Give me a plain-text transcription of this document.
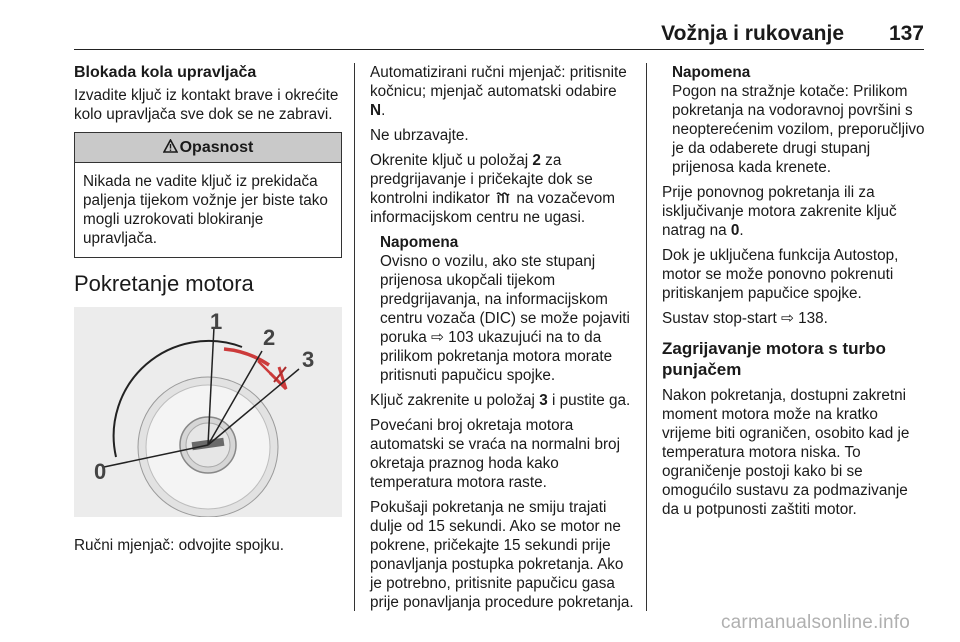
Vožnja i rukovanje 137
Blokada kola upravljača

Izvadite ključ iz kontakt brave i okrećite kolo upravljača sve dok se ne zabravi.

Opasnost
Nikada ne vadite ključ iz prekidača paljenja tijekom vožnje jer biste tako mogli uzrokovati blokiranje upravljača.
Pokretanje motora
1
2
3
0

Ručni mjenjač: odvojite spojku.

Automatizirani ručni mjenjač: pritisnite kočnicu; mjenjač automatski odabire N.

Ne ubrzavajte.

Okrenite ključ u položaj 2 za predgrijavanje i pričekajte dok se kontrolni indikator  na vozačevom informacijskom centru ne ugasi.

Napomena
Ovisno o vozilu, ako ste stupanj prijenosa ukopčali tijekom predgrijavanja, na informacijskom centru vozača (DIC) se može pojaviti poruka ⇨ 103 ukazujući na to da prilikom pokretanja motora morate pritisnuti papučicu spojke.

Ključ zakrenite u položaj 3 i pustite ga.

Povećani broj okretaja motora automatski se vraća na normalni broj okretaja praznog hoda kako temperatura motora raste.

Pokušaji pokretanja ne smiju trajati dulje od 15 sekundi. Ako se motor ne pokrene, pričekajte 15 sekundi prije ponavljanja postupka pokretanja. Ako je potrebno, pritisnite papučicu gasa prije ponavljanja procedure pokretanja.

Napomena
Pogon na stražnje kotače: Prilikom pokretanja na vodoravnoj površini s neopterećenim vozilom, preporučljivo je da odaberete drugi stupanj prijenosa kada krenete.

Prije ponovnog pokretanja ili za isključivanje motora zakrenite ključ natrag na 0.

Dok je uključena funkcija Autostop, motor se može ponovno pokrenuti pritiskanjem papučice spojke.

Sustav stop-start ⇨ 138.

Zagrijavanje motora s turbo punjačem

Nakon pokretanja, dostupni zakretni moment motora može na kratko vrijeme biti ograničen, osobito kad je temperatura motora niska. To ograničenje postoji kako bi se omogućilo sustavu za podmazivanje da u potpunosti zaštiti motor.

carmanualsonline.info
